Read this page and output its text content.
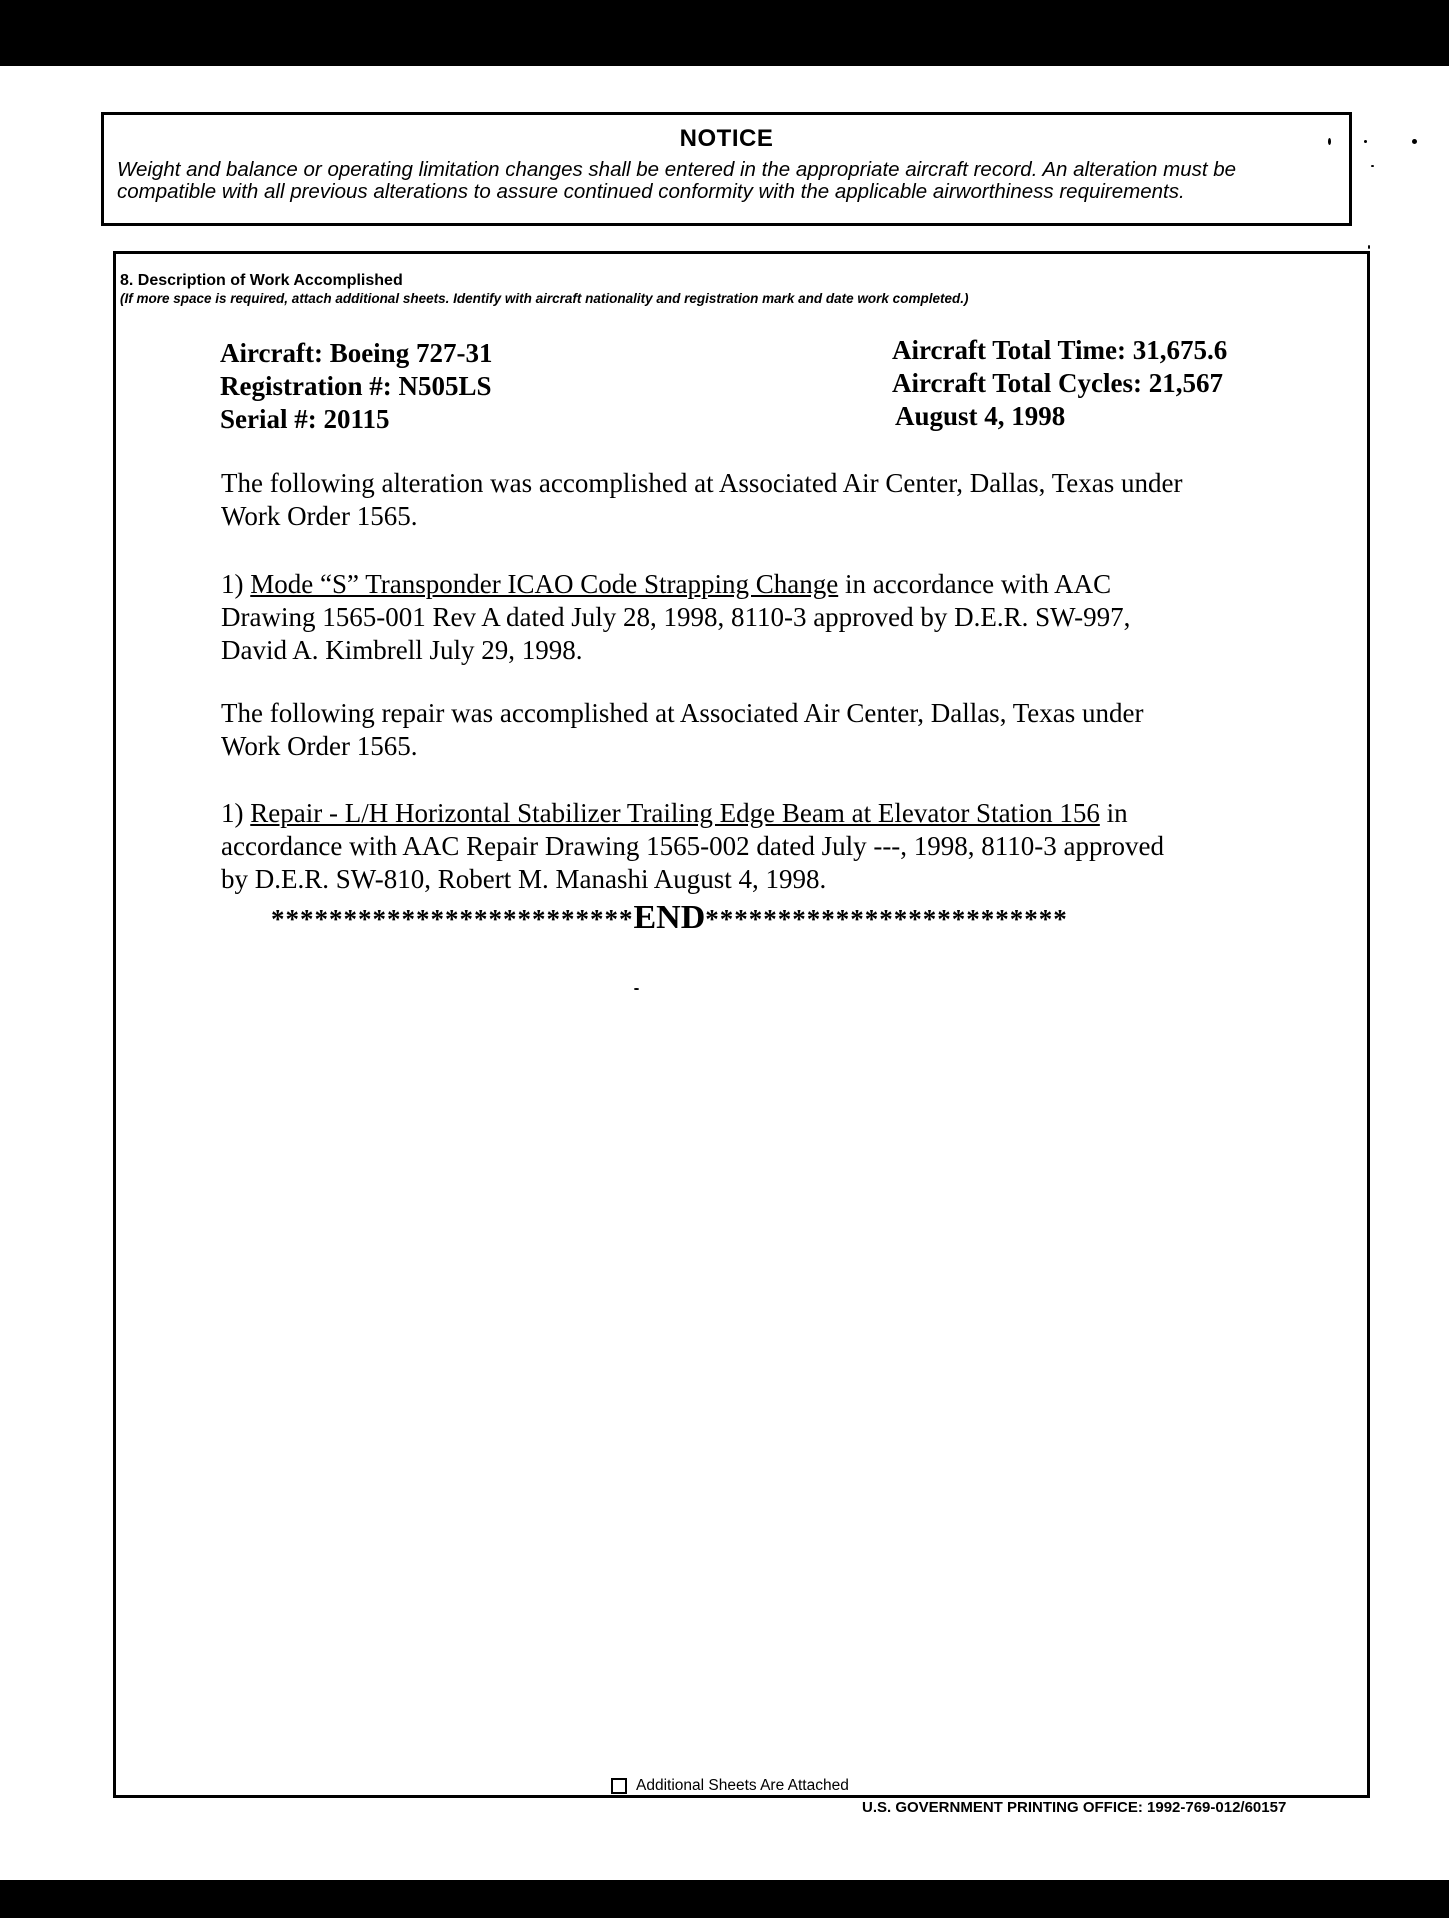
NOTICE
Weight and balance or operating limitation changes shall be entered in the appropriate aircraft record. An alteration must be
compatible with all previous alterations to assure continued conformity with the applicable airworthiness requirements.
8. Description of Work Accomplished
(If more space is required, attach additional sheets. Identify with aircraft nationality and registration mark and date work completed.)
Aircraft: Boeing 727-31
Registration #: N505LS
Serial #: 20115
Aircraft Total Time: 31,675.6
Aircraft Total Cycles: 21,567
August 4, 1998
The following alteration was accomplished at Associated Air Center, Dallas, Texas under
Work Order 1565.
1) Mode “S” Transponder ICAO Code Strapping Change in accordance with AAC
Drawing 1565-001 Rev A dated July 28, 1998, 8110-3 approved by D.E.R. SW-997,
David A. Kimbrell July 29, 1998.
The following repair was accomplished at Associated Air Center, Dallas, Texas under
Work Order 1565.
1) Repair - L/H Horizontal Stabilizer Trailing Edge Beam at Elevator Station 156 in
accordance with AAC Repair Drawing 1565-002 dated July ---, 1998, 8110-3 approved
by D.E.R. SW-810, Robert M. Manashi August 4, 1998.
*************************END*************************
Additional Sheets Are Attached
U.S. GOVERNMENT PRINTING OFFICE: 1992-769-012/60157
